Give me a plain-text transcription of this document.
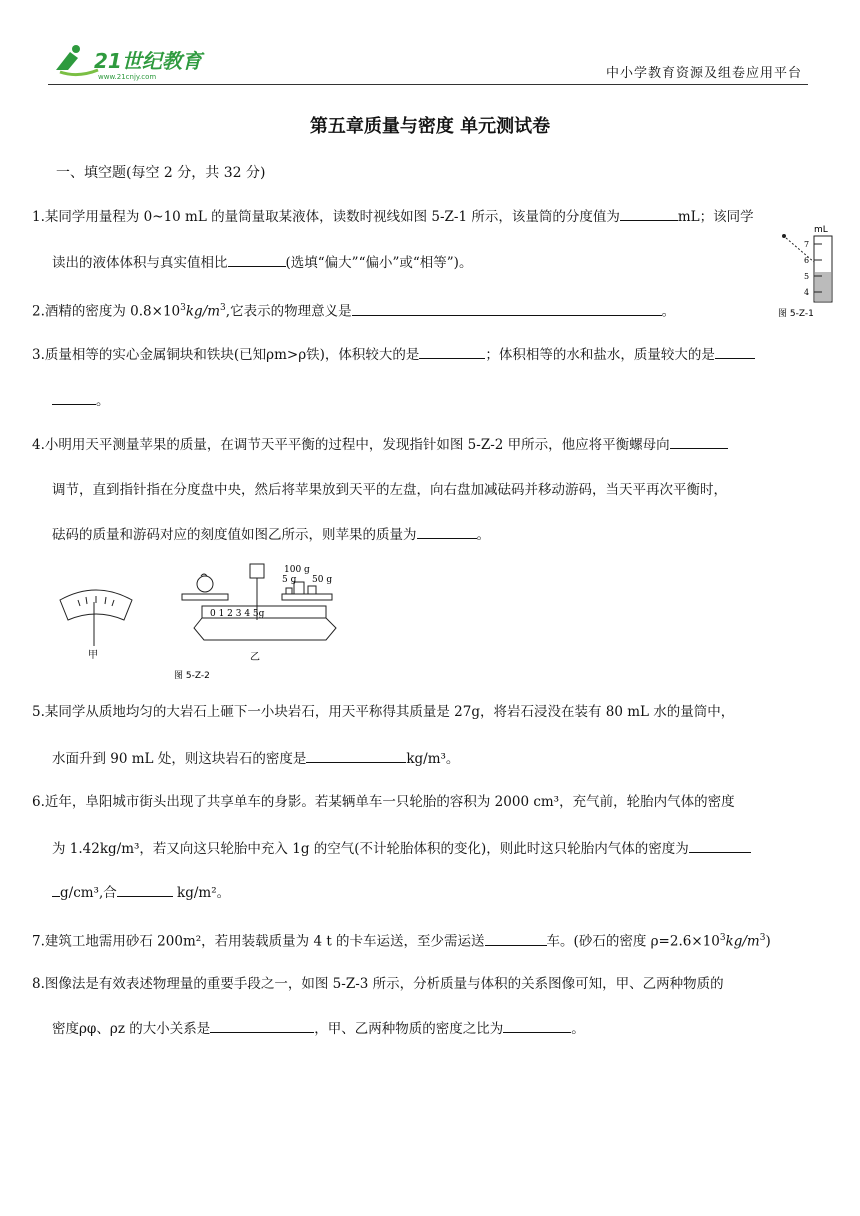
21世纪教育
www.21cnjy.com	中小学教育资源及组卷应用平台
第五章质量与密度 单元测试卷
一、填空题(每空 2 分，共 32 分)
1.某同学用量程为 0~10 mL 的量筒量取某液体，读数时视线如图 5-Z-1 所示，该量筒的分度值为	mL；该同学
读出的液体体积与真实值相比	(选填“偏大”“偏小”或“相等”)。
mL
7
6
5
4
图 5-Z-1
2.酒精的密度为 $0.8\times 10^3kg/m^3$,它表示的物理意义是	。
3.质量相等的实心金属铜块和铁块(已知ρm>ρ铁)，体积较大的是	；体积相等的水和盐水，质量较大的是
。
4.小明用天平测量苹果的质量，在调节天平平衡的过程中，发现指针如图 5-Z-2 甲所示，他应将平衡螺母向
调节，直到指针指在分度盘中央，然后将苹果放到天平的左盘，向右盘加减砝码并移动游码，当天平再次平衡时，
砝码的质量和游码对应的刻度值如图乙所示，则苹果的质量为	。
甲
100 g
5 g 50 g
0 1 2 3 4 5g
乙
图 5-Z-2
5.某同学从质地均匀的大岩石上砸下一小块岩石，用天平称得其质量是 27g，将岩石浸没在装有 80 mL 水的量筒中，
水面升到 90 mL 处，则这块岩石的密度是	kg/m³。
6.近年，阜阳城市街头出现了共享单车的身影。若某辆单车一只轮胎的容积为 2000 cm³，充气前，轮胎内气体的密度
为 1.42kg/m³，若又向这只轮胎中充入 1g 的空气(不计轮胎体积的变化)，则此时这只轮胎内气体的密度为
g/cm³,合	kg/m²。
7.建筑工地需用砂石 200m²，若用装载质量为 4 t 的卡车运送，至少需运送	车。(砂石的密度 $\rho=2.6\times 10^3kg/m^3$)
8.图像法是有效表述物理量的重要手段之一，如图 5-Z-3 所示，分析质量与体积的关系图像可知，甲、乙两种物质的
密度ρφ、ρz 的大小关系是	，甲、乙两种物质的密度之比为	。
